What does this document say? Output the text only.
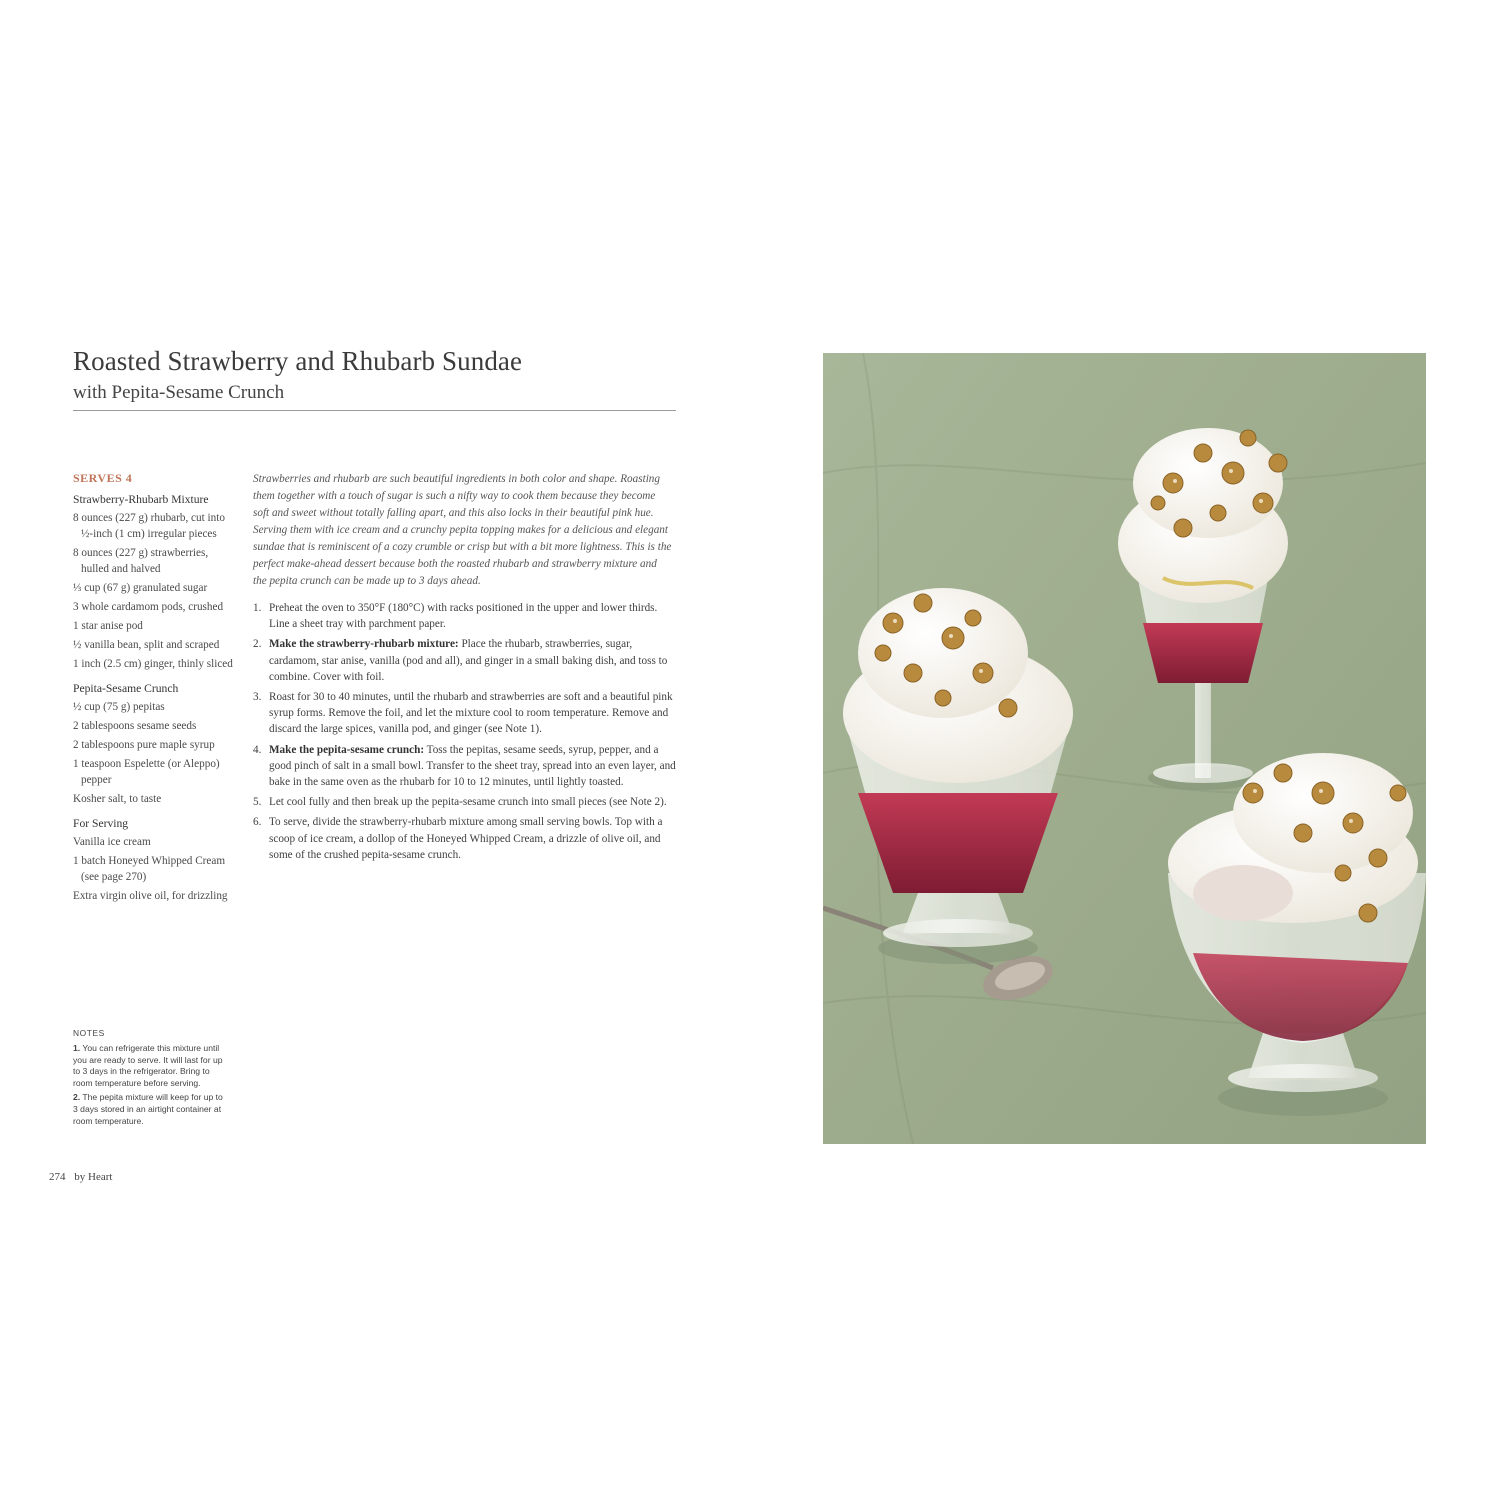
Roasted Strawberry and Rhubarb Sundae
with Pepita-Sesame Crunch
SERVES 4
Strawberry-Rhubarb Mixture
8 ounces (227 g) rhubarb, cut into ½-inch (1 cm) irregular pieces
8 ounces (227 g) strawberries, hulled and halved
⅓ cup (67 g) granulated sugar
3 whole cardamom pods, crushed
1 star anise pod
½ vanilla bean, split and scraped
1 inch (2.5 cm) ginger, thinly sliced
Pepita-Sesame Crunch
½ cup (75 g) pepitas
2 tablespoons sesame seeds
2 tablespoons pure maple syrup
1 teaspoon Espelette (or Aleppo) pepper
Kosher salt, to taste
For Serving
Vanilla ice cream
1 batch Honeyed Whipped Cream (see page 270)
Extra virgin olive oil, for drizzling

Strawberries and rhubarb are such beautiful ingredients in both color and shape. Roasting them together with a touch of sugar is such a nifty way to cook them because they become soft and sweet without totally falling apart, and this also locks in their beautiful pink hue. Serving them with ice cream and a crunchy pepita topping makes for a delicious and elegant sundae that is reminiscent of a cozy crumble or crisp but with a bit more lightness. This is the perfect make-ahead dessert because both the roasted rhubarb and strawberry mixture and the pepita crunch can be made up to 3 days ahead.

1. Preheat the oven to 350°F (180°C) with racks positioned in the upper and lower thirds. Line a sheet tray with parchment paper.
2. Make the strawberry-rhubarb mixture: Place the rhubarb, strawberries, sugar, cardamom, star anise, vanilla (pod and all), and ginger in a small baking dish, and toss to combine. Cover with foil.
3. Roast for 30 to 40 minutes, until the rhubarb and strawberries are soft and a beautiful pink syrup forms. Remove the foil, and let the mixture cool to room temperature. Remove and discard the large spices, vanilla pod, and ginger (see Note 1).
4. Make the pepita-sesame crunch: Toss the pepitas, sesame seeds, syrup, pepper, and a good pinch of salt in a small bowl. Transfer to the sheet tray, spread into an even layer, and bake in the same oven as the rhubarb for 10 to 12 minutes, until lightly toasted.
5. Let cool fully and then break up the pepita-sesame crunch into small pieces (see Note 2).
6. To serve, divide the strawberry-rhubarb mixture among small serving bowls. Top with a scoop of ice cream, a dollop of the Honeyed Whipped Cream, a drizzle of olive oil, and some of the crushed pepita-sesame crunch.
NOTES
1. You can refrigerate this mixture until you are ready to serve. It will last for up to 3 days in the refrigerator. Bring to room temperature before serving.
2. The pepita mixture will keep for up to 3 days stored in an airtight container at room temperature.
274 by Heart
